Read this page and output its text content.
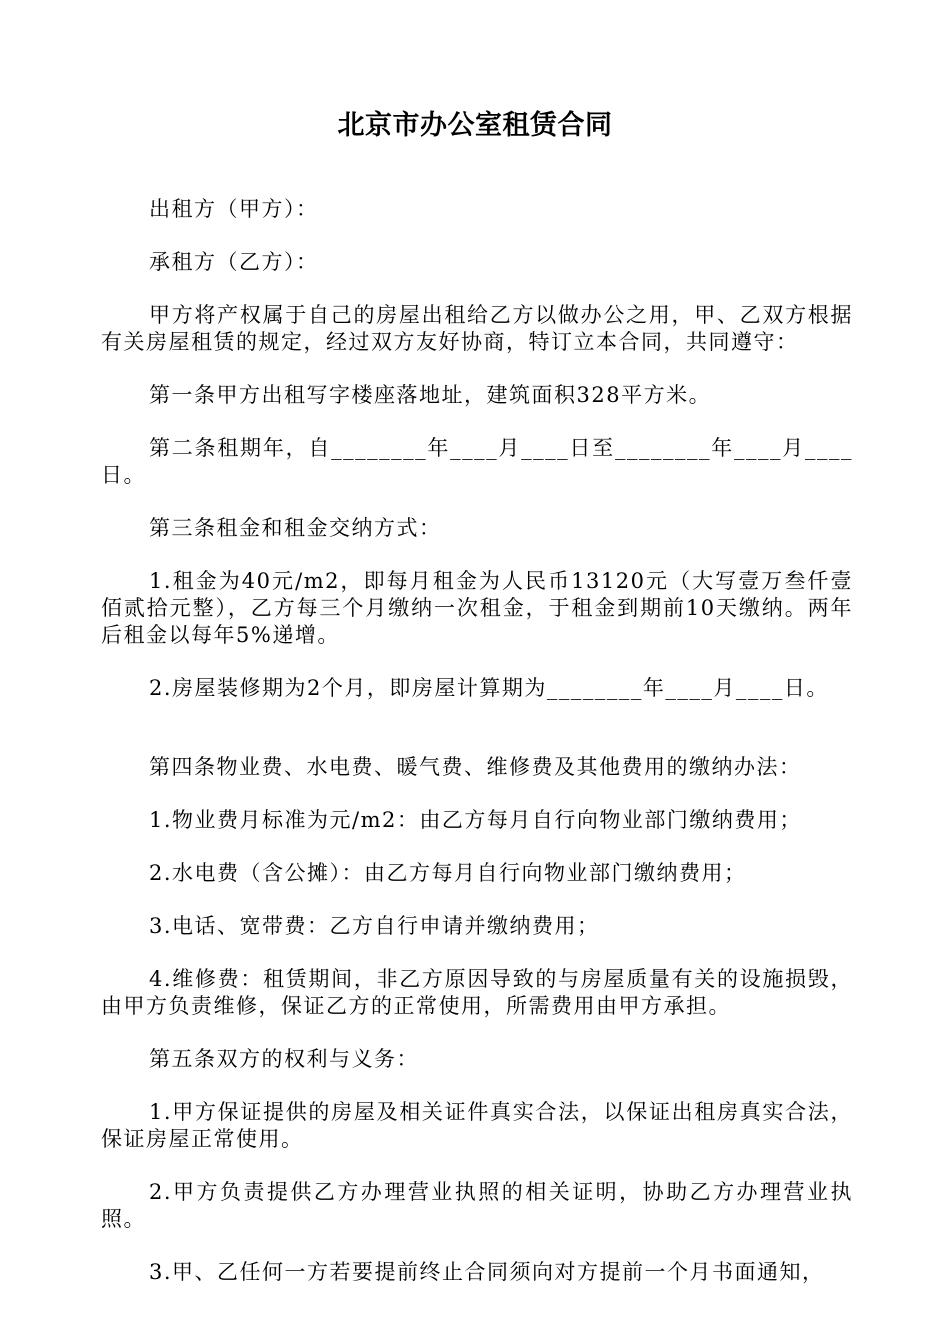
北京市办公室租赁合同

出租方（甲方）：

承租方（乙方）：

甲方将产权属于自己的房屋出租给乙方以做办公之用，甲、乙双方根据有关房屋租赁的规定，经过双方友好协商，特订立本合同，共同遵守：

第一条甲方出租写字楼座落地址，建筑面积328平方米。

第二条租期年，自________年____月____日至________年____月____日。

第三条租金和租金交纳方式：

1.租金为40元/m2，即每月租金为人民币13120元（大写壹万叁仟壹佰贰拾元整），乙方每三个月缴纳一次租金，于租金到期前10天缴纳。两年后租金以每年5%递增。

2.房屋装修期为2个月，即房屋计算期为________年____月____日。

第四条物业费、水电费、暖气费、维修费及其他费用的缴纳办法：

1.物业费月标准为元/m2：由乙方每月自行向物业部门缴纳费用；

2.水电费（含公摊）：由乙方每月自行向物业部门缴纳费用；

3.电话、宽带费：乙方自行申请并缴纳费用；

4.维修费：租赁期间，非乙方原因导致的与房屋质量有关的设施损毁，由甲方负责维修，保证乙方的正常使用，所需费用由甲方承担。

第五条双方的权利与义务：

1.甲方保证提供的房屋及相关证件真实合法，以保证出租房真实合法，保证房屋正常使用。

2.甲方负责提供乙方办理营业执照的相关证明，协助乙方办理营业执照。

3.甲、乙任何一方若要提前终止合同须向对方提前一个月书面通知，
